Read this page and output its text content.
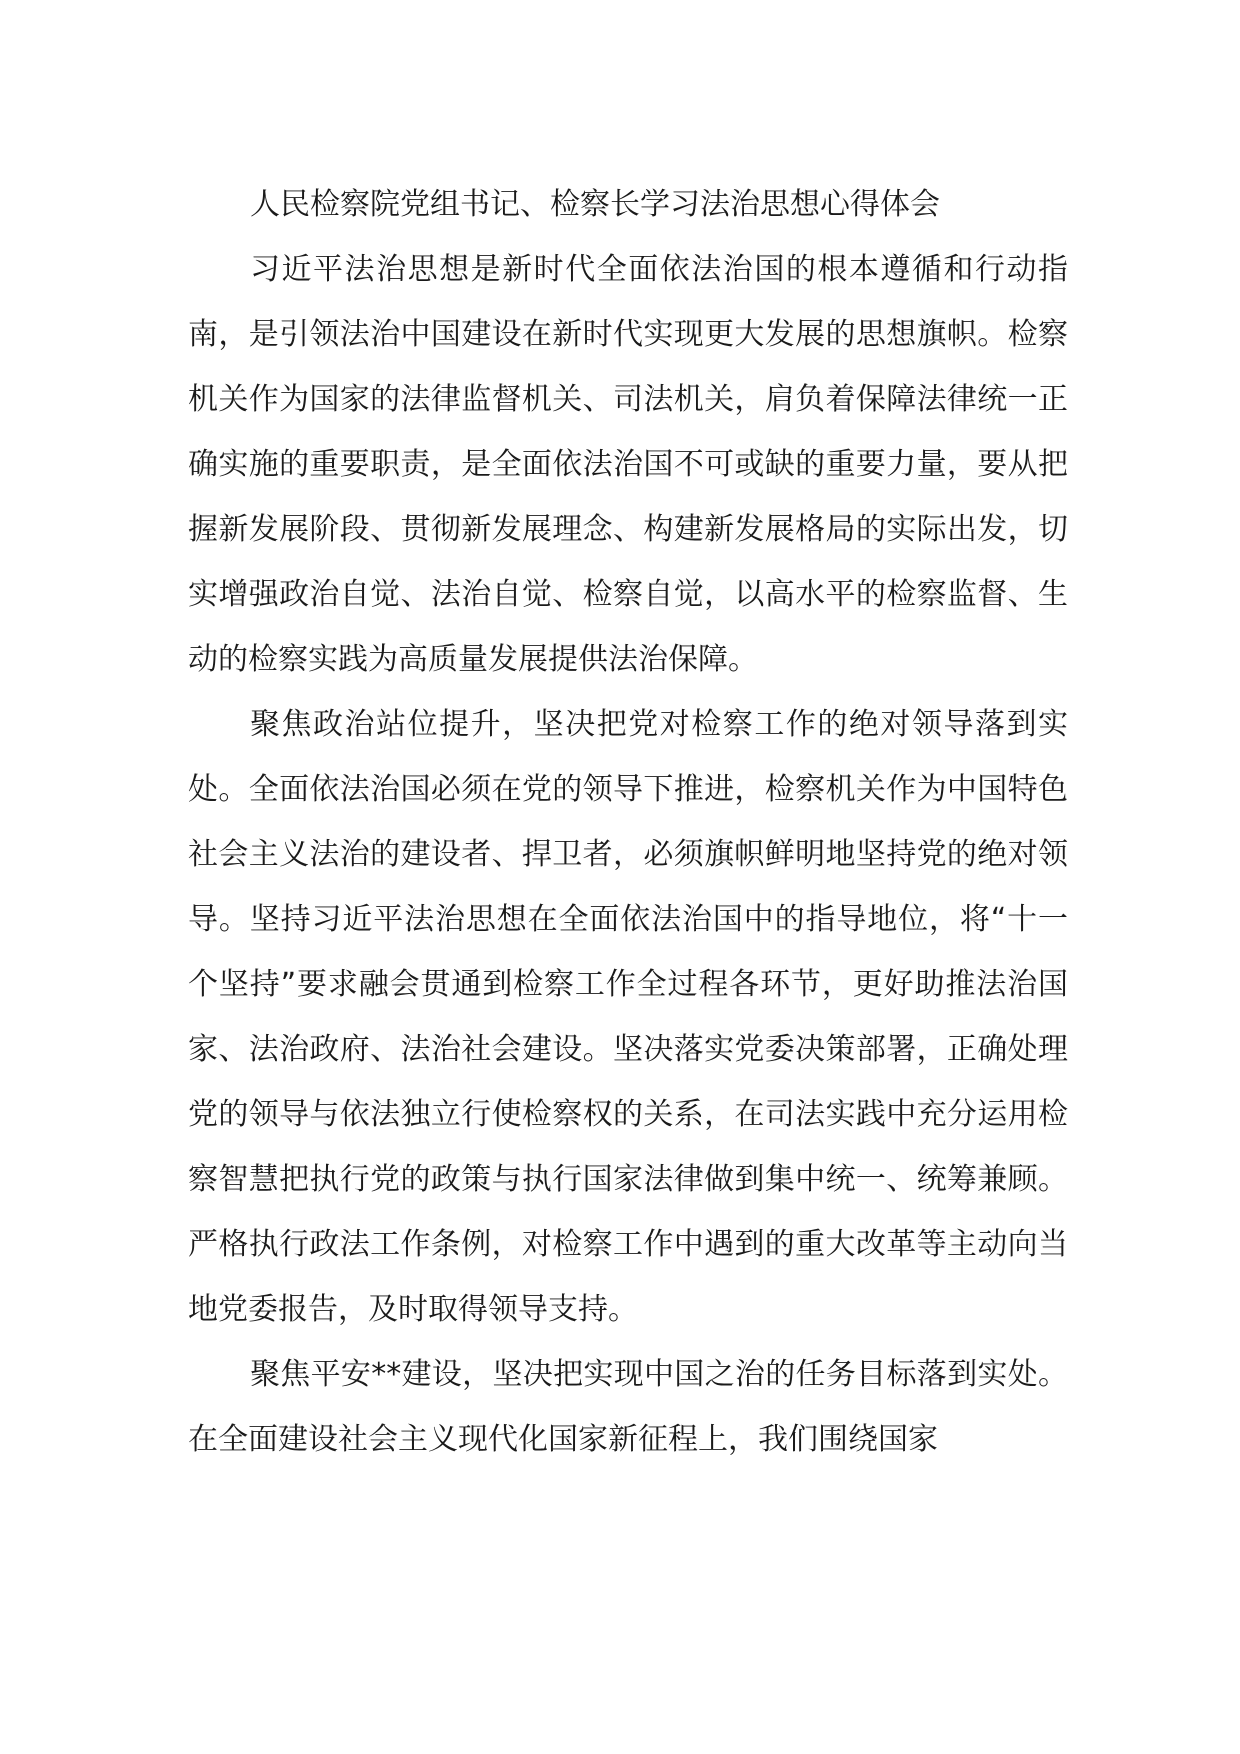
人民检察院党组书记、检察长学习法治思想心得体会

习近平法治思想是新时代全面依法治国的根本遵循和行动指南，是引领法治中国建设在新时代实现更大发展的思想旗帜。检察机关作为国家的法律监督机关、司法机关，肩负着保障法律统一正确实施的重要职责，是全面依法治国不可或缺的重要力量，要从把握新发展阶段、贯彻新发展理念、构建新发展格局的实际出发，切实增强政治自觉、法治自觉、检察自觉，以高水平的检察监督、生动的检察实践为高质量发展提供法治保障。

聚焦政治站位提升，坚决把党对检察工作的绝对领导落到实处。全面依法治国必须在党的领导下推进，检察机关作为中国特色社会主义法治的建设者、捍卫者，必须旗帜鲜明地坚持党的绝对领导。坚持习近平法治思想在全面依法治国中的指导地位，将“十一个坚持”要求融会贯通到检察工作全过程各环节，更好助推法治国家、法治政府、法治社会建设。坚决落实党委决策部署，正确处理党的领导与依法独立行使检察权的关系，在司法实践中充分运用检察智慧把执行党的政策与执行国家法律做到集中统一、统筹兼顾。严格执行政法工作条例，对检察工作中遇到的重大改革等主动向当地党委报告，及时取得领导支持。

聚焦平安**建设，坚决把实现中国之治的任务目标落到实处。在全面建设社会主义现代化国家新征程上，我们围绕国家
